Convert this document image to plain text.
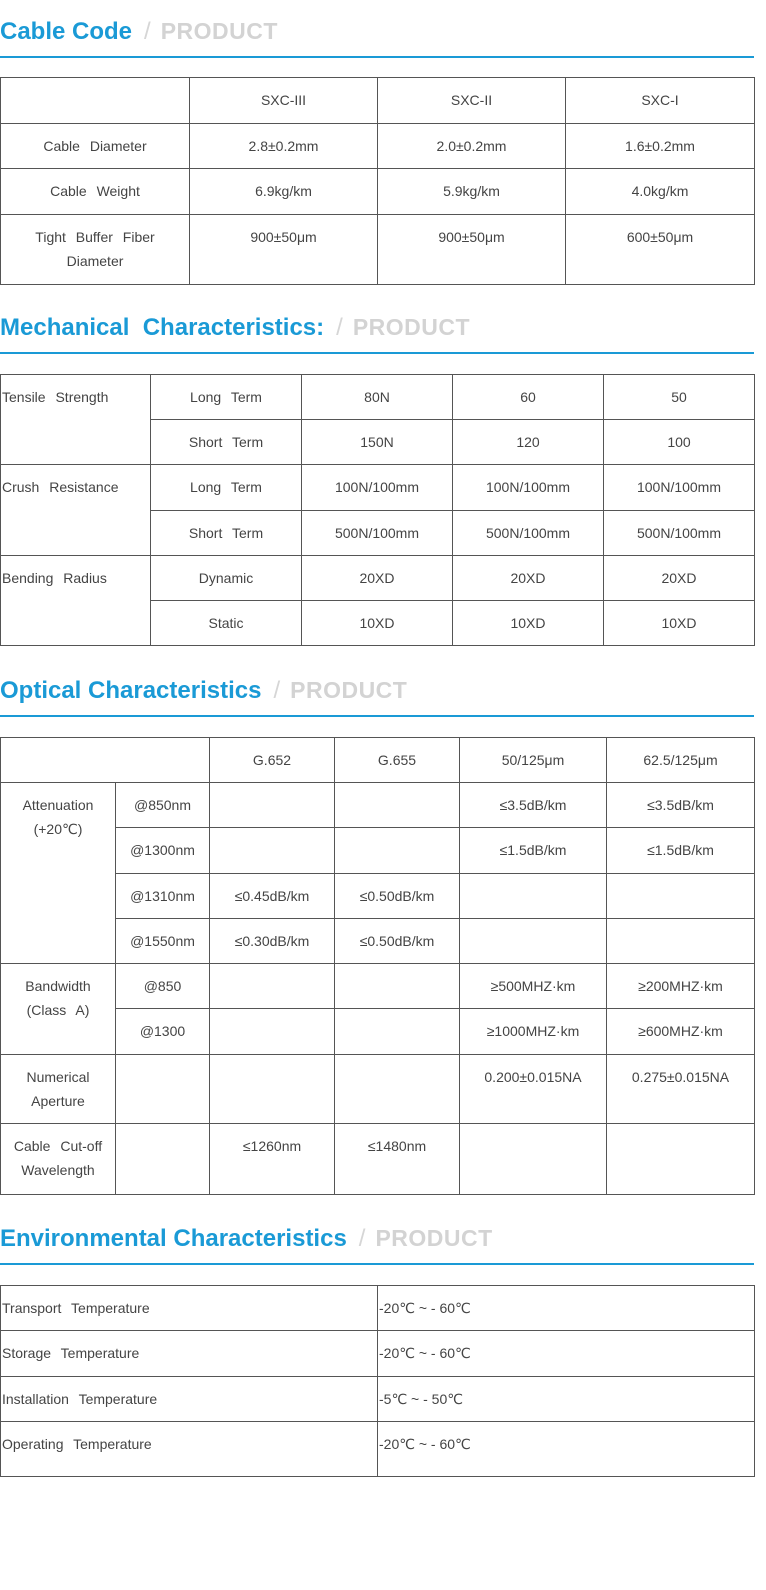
Cable Code / PRODUCT

	SXC-III	SXC-II	SXC-I

Cable Diameter	2.8±0.2mm	2.0±0.2mm	1.6±0.2mm

Cable Weight	6.9kg/km	5.9kg/km	4.0kg/km

Tight Buffer Fiber Diameter	900±50μm	900±50μm	600±50μm
Mechanical  Characteristics: / PRODUCT
Tensile Strength	Long Term	80N	60	50

	Short Term	150N	120	100

Crush Resistance	Long Term	100N/100mm	100N/100mm	100N/100mm

	Short Term	500N/100mm	500N/100mm	500N/100mm

Bending Radius	Dynamic	20XD	20XD	20XD

	Static	10XD	10XD	10XD
Optical Characteristics / PRODUCT

		G.652	G.655	50/125μm	62.5/125μm

Attenuation (+20℃)	@850nm			≤3.5dB/km	≤3.5dB/km

	@1300nm			≤1.5dB/km	≤1.5dB/km

	@1310nm	≤0.45dB/km	≤0.50dB/km		

	@1550nm	≤0.30dB/km	≤0.50dB/km		

Bandwidth (Class A)	@850			≥500MHZ·km	≥200MHZ·km

	@1300			≥1000MHZ·km	≥600MHZ·km

Numerical Aperture				0.200±0.015NA	0.275±0.015NA

Cable Cut-off Wavelength		≤1260nm	≤1480nm		

Environmental Characteristics / PRODUCT
Transport Temperature	-20℃ ~ - 60℃

Storage Temperature	-20℃ ~ - 60℃

Installation Temperature	-5℃ ~ - 50℃

Operating Temperature	-20℃ ~ - 60℃
